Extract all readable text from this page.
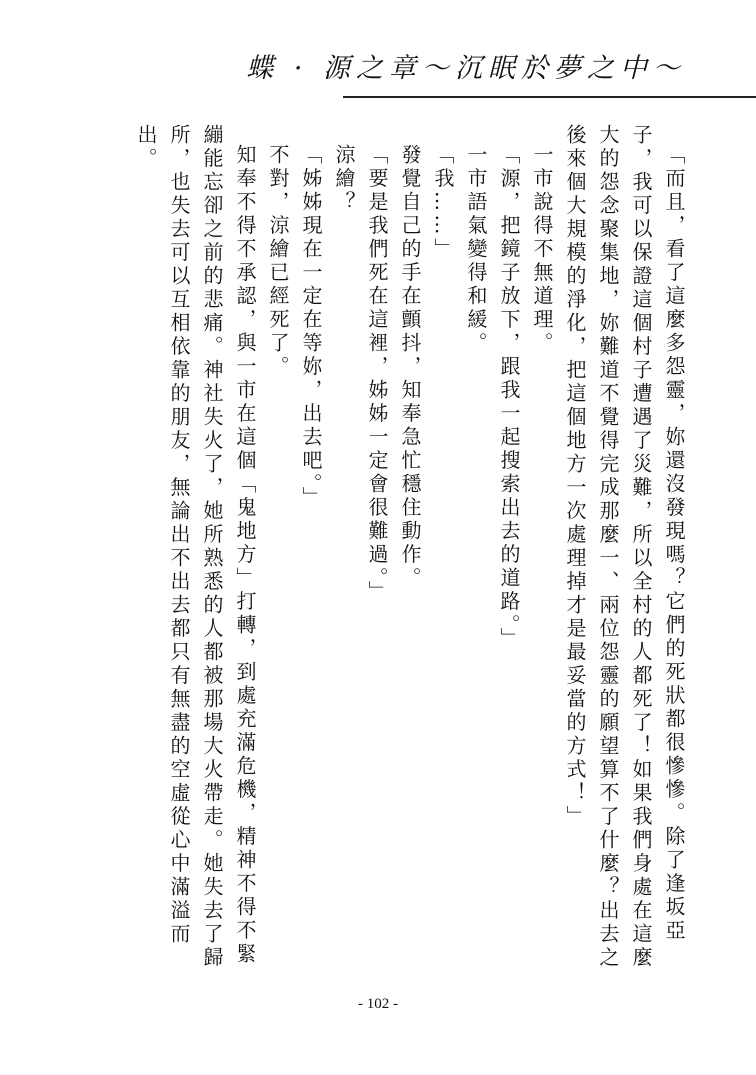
蝶 · 源之章～沉眠於夢之中～

「而且，看了這麼多怨靈，妳還沒發現嗎？它們的死狀都很慘慘。除了逢坂亞子，我可以保證這個村子遭遇了災難，所以全村的人都死了！如果我們身處在這麼大的怨念聚集地，妳難道不覺得完成那麼一、兩位怨靈的願望算不了什麼？出去之後來個大規模的淨化，把這個地方一次處理掉才是最妥當的方式！」

一市說得不無道理。

「源，把鏡子放下，跟我一起搜索出去的道路。」

一市語氣變得和緩。

「我……」

發覺自己的手在顫抖，知奉急忙穩住動作。

「要是我們死在這裡，姊姊一定會很難過。」

涼繪？

「姊姊現在一定在等妳，出去吧。」

不對，涼繪已經死了。

知奉不得不承認，與一市在這個「鬼地方」打轉，到處充滿危機，精神不得不緊繃能忘卻之前的悲痛。神社失火了，她所熟悉的人都被那場大火帶走。她失去了歸所，也失去可以互相依靠的朋友，無論出不出去都只有無盡的空虛從心中滿溢而出。

- 102 -
